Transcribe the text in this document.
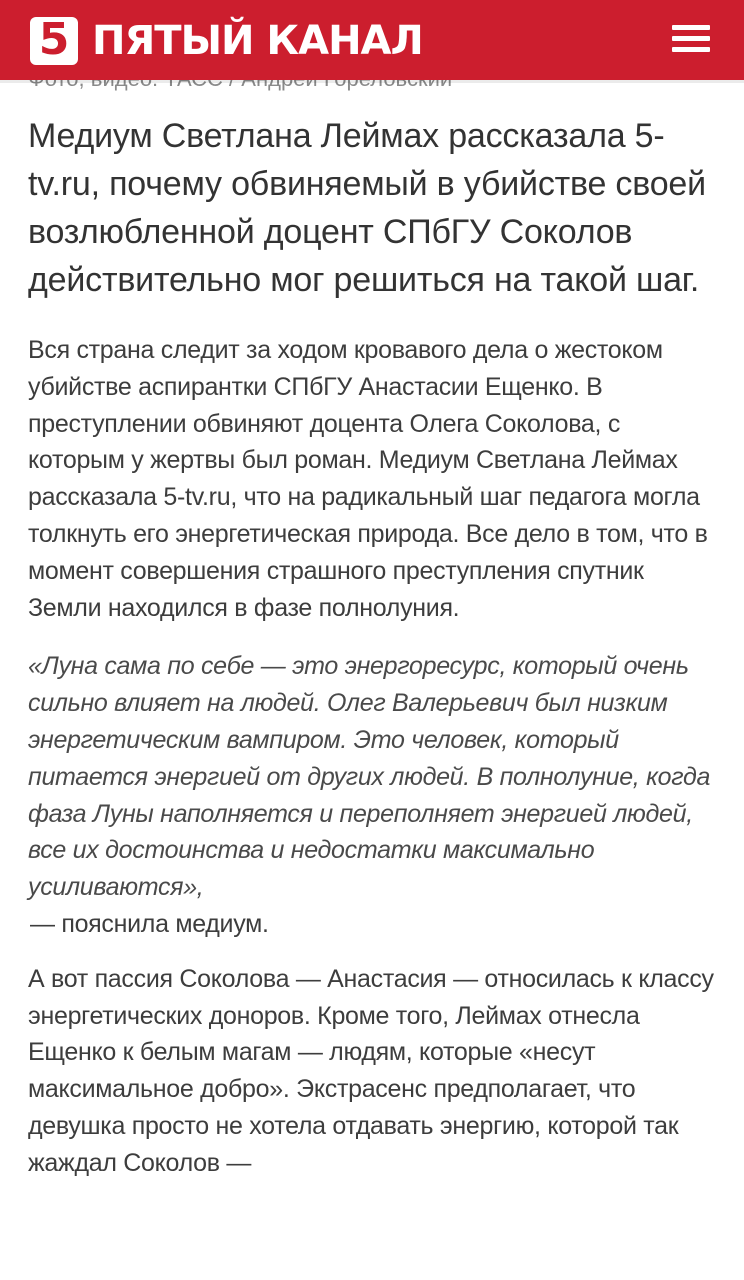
5 ПЯТЫЙ КАНАЛ
Медиум Светлана Леймах рассказала 5-tv.ru, почему обвиняемый в убийстве своей возлюбленной доцент СПбГУ Соколов действительно мог решиться на такой шаг.

Вся страна следит за ходом кровавого дела о жестоком убийстве аспирантки СПбГУ Анастасии Ещенко. В преступлении обвиняют доцента Олега Соколова, с которым у жертвы был роман. Медиум Светлана Леймах рассказала 5-tv.ru, что на радикальный шаг педагога могла толкнуть его энергетическая природа. Все дело в том, что в момент совершения страшного преступления спутник Земли находился в фазе полнолуния.

«Луна сама по себе — это энергоресурс, который очень сильно влияет на людей. Олег Валерьевич был низким энергетическим вампиром. Это человек, который питается энергией от других людей. В полнолуние, когда фаза Луны наполняется и переполняет энергией людей, все их достоинства и недостатки максимально усиливаются»,

— пояснила медиум.

А вот пассия Соколова — Анастасия — относилась к классу энергетических доноров. Кроме того, Леймах отнесла Ещенко к белым магам — людям, которые «несут максимальное добро». Экстрасенс предполагает, что девушка просто не хотела отдавать энергию, которой так жаждал Соколов —
